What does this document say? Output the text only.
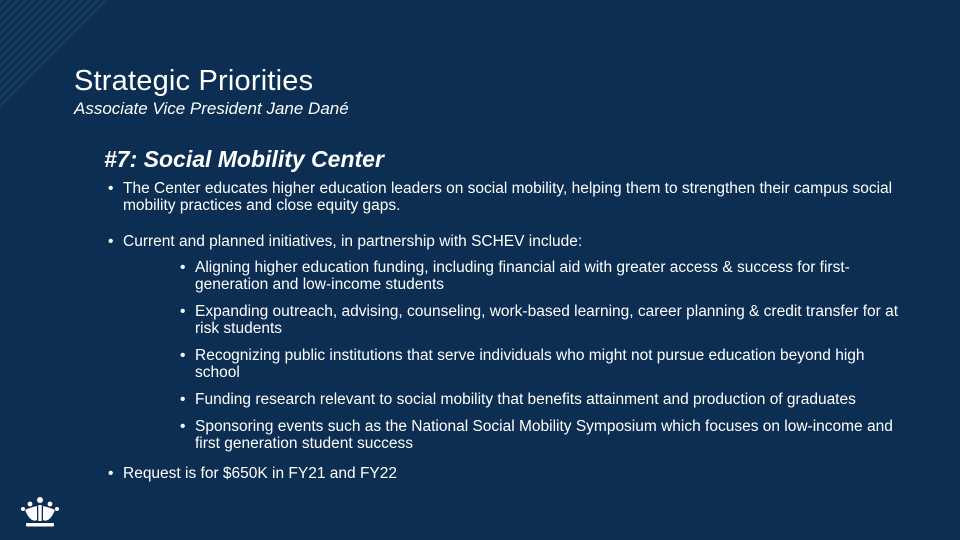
Strategic Priorities
Associate Vice President Jane Dané
#7: Social Mobility Center
• The Center educates higher education leaders on social mobility, helping them to strengthen their campus social mobility practices and close equity gaps.
• Current and planned initiatives, in partnership with SCHEV include:
• Aligning higher education funding, including financial aid with greater access & success for first-generation and low-income students
• Expanding outreach, advising, counseling, work-based learning, career planning & credit transfer for at risk students
• Recognizing public institutions that serve individuals who might not pursue education beyond high school
• Funding research relevant to social mobility that benefits attainment and production of graduates
• Sponsoring events such as the National Social Mobility Symposium which focuses on low-income and first generation student success
• Request is for $650K in FY21 and FY22
